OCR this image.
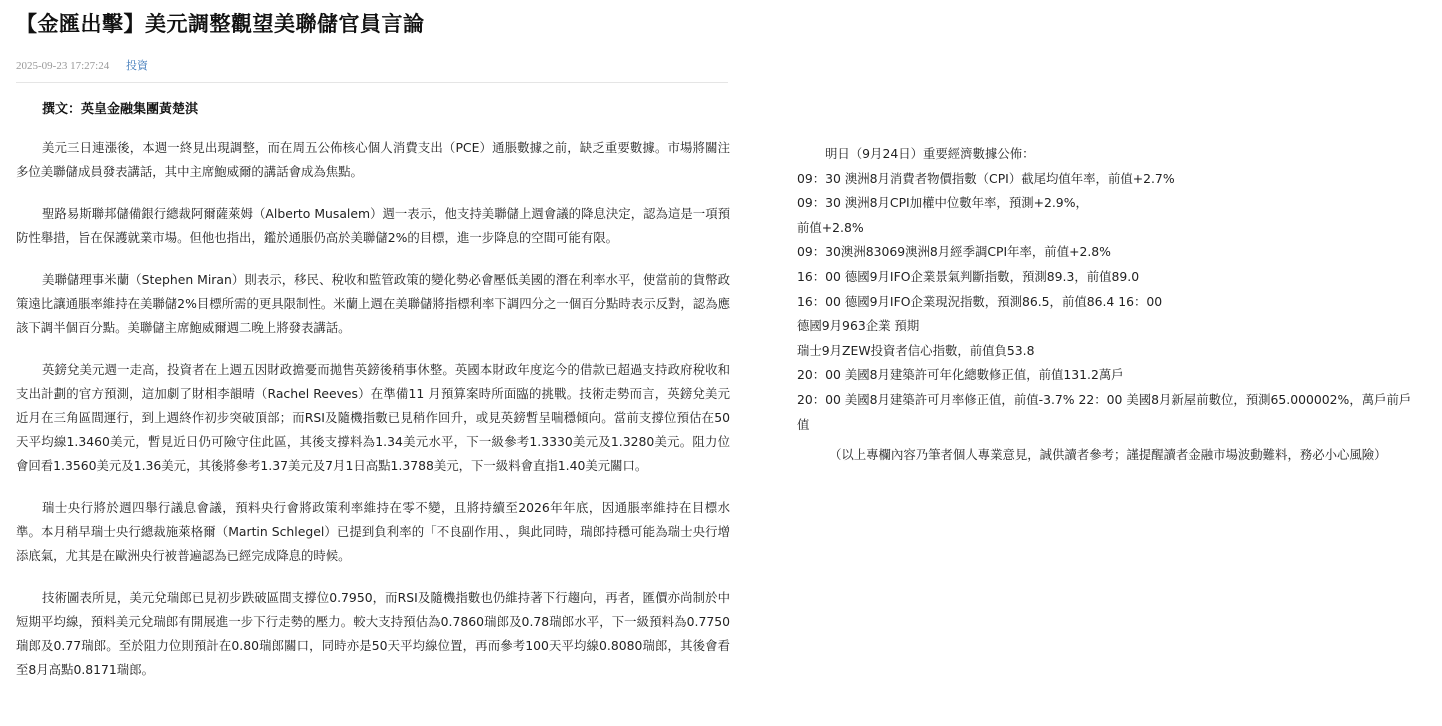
【金匯出擊】美元調整觀望美聯儲官員言論
2025-09-23 17:27:24 投資
撰文：英皇金融集團黃楚淇

美元三日連漲後，本週一終見出現調整，而在周五公佈核心個人消費支出（PCE）通脹數據之前，缺乏重要數據。市場將關注多位美聯儲成員發表講話，其中主席鮑威爾的講話會成為焦點。

聖路易斯聯邦儲備銀行總裁阿爾薩萊姆（Alberto Musalem）週一表示，他支持美聯儲上週會議的降息決定，認為這是一項預防性舉措，旨在保護就業市場。但他也指出，鑑於通脹仍高於美聯儲2%的目標，進一步降息的空間可能有限。

美聯儲理事米蘭（Stephen Miran）則表示，移民、稅收和監管政策的變化勢必會壓低美國的潛在利率水平，使當前的貨幣政策遠比讓通脹率維持在美聯儲2%目標所需的更具限制性。米蘭上週在美聯儲將指標利率下調四分之一個百分點時表示反對，認為應該下調半個百分點。美聯儲主席鮑威爾週二晚上將發表講話。

英鎊兌美元週一走高，投資者在上週五因財政擔憂而拋售英鎊後稍事休整。英國本財政年度迄今的借款已超過支持政府稅收和支出計劃的官方預測，這加劇了財相李韻晴（Rachel Reeves）在準備11 月預算案時所面臨的挑戰。技術走勢而言，英鎊兌美元近月在三角區間運行，到上週終作初步突破頂部；而RSI及隨機指數已見稍作回升，或見英鎊暫呈喘穩傾向。當前支撐位預估在50天平均線1.3460美元，暫見近日仍可險守住此區，其後支撐料為1.34美元水平，下一級參考1.3330美元及1.3280美元。阻力位會回看1.3560美元及1.36美元，其後將參考1.37美元及7月1日高點1.3788美元，下一級料會直指1.40美元關口。

瑞士央行將於週四舉行議息會議，預料央行會將政策利率維持在零不變，且將持續至2026年年底，因通脹率維持在目標水準。本月稍早瑞士央行總裁施萊格爾（Martin Schlegel）已提到負利率的「不良副作用、，與此同時，瑞郎持穩可能為瑞士央行增添底氣，尤其是在歐洲央行被普遍認為已經完成降息的時候。

技術圖表所見，美元兌瑞郎已見初步跌破區間支撐位0.7950，而RSI及隨機指數也仍維持著下行趨向，再者，匯價亦尚制於中短期平均線，預料美元兌瑞郎有開展進一步下行走勢的壓力。較大支持預估為0.7860瑞郎及0.78瑞郎水平，下一級預料為0.7750瑞郎及0.77瑞郎。至於阻力位則預計在0.80瑞郎關口，同時亦是50天平均線位置，再而參考100天平均線0.8080瑞郎，其後會看至8月高點0.8171瑞郎。

明日（9月24日）重要經濟數據公佈：
09：30 澳洲8月消費者物價指數（CPI）截尾均值年率，前值+2.7%
09：30 澳洲8月CPI加權中位數年率，預測+2.9%，
前值+2.8%
09：30澳洲83069澳洲8月經季調CPI年率，前值+2.8%
16：00 德國9月IFO企業景氣判斷指數，預測89.3，前值89.0
16：00 德國9月IFO企業現況指數，預測86.5，前值86.4 16：00
德國9月963企業 預期
瑞士9月ZEW投資者信心指數，前值負53.8
20：00 美國8月建築許可年化總數修正值，前值131.2萬戶
20：00 美國8月建築許可月率修正值，前值-3.7% 22：00 美國8月新屋前數位，預測65.000002%，萬戶前戶
值
（以上專欄內容乃筆者個人專業意見，誠供讀者參考；謹提醒讀者金融市場波動難料，務必小心風險）
